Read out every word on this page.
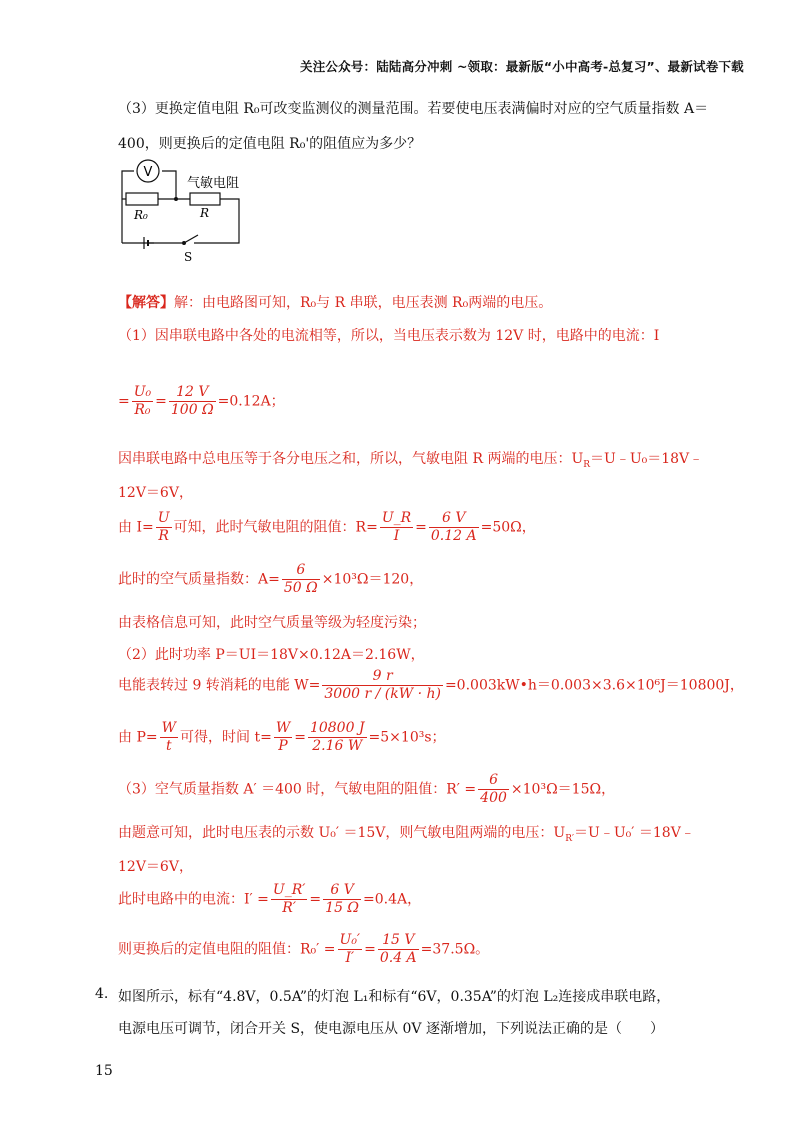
关注公众号：陆陆高分冲刺 ~领取：最新版“小中高考-总复习”、最新试卷下载
（3）更换定值电阻 R₀可改变监测仪的测量范围。若要使电压表满偏时对应的空气质量指数 A＝
400，则更换后的定值电阻 R₀'的阻值应为多少？
V
气敏电阻
R₀	R
S
【解答】解：由电路图可知，R₀与 R 串联，电压表测 R₀两端的电压。
（1）因串联电路中各处的电流相等，所以，当电压表示数为 12V 时，电路中的电流：I
= $\frac{\text{U₀}}{\text{R₀}} = \frac{12 V}{100 \Omega} =0.12A$；
因串联电路中总电压等于各分电压之和，所以，气敏电阻 R 两端的电压：$U_R=U﹣U_0=18V﹣$
12V＝6V，
由 $I= \frac{U}{R}$ 可知，此时气敏电阻的阻值：$R= \frac{U\_R}{I} = \frac{6 V}{0.12 A} =50\Omega$，
此时的空气质量指数：$A= \frac{6}{50 \Omega} \times 10^3\Omega=120$，
由表格信息可知，此时空气质量等级为轻度污染；
（2）此时功率 P＝UI＝18V×0.12A＝2.16W，
电能表转过 9 转消耗的电能 $W= \frac{9 r}{3000 r / (kW \cdot h)}$ =0.003kW•h＝0.003×3.6×10⁶J＝10800J，
由 $P= \frac{W}{t}$ 可得，时间 $t= \frac{W}{P} = \frac{10800 J}{2.16 W} =5\times 10^3s$；
（3）空气质量指数 A′ ＝400 时，气敏电阻的阻值：$R' = \frac{6}{400} \times 10^3\Omega=15\Omega$，
由题意可知，此时电压表的示数 U₀′ ＝15V，则气敏电阻两端的电压：$U_{R'}=U﹣U_0'$ ＝18V﹣
12V＝6V，
此时电路中的电流：$I' = \frac{U\_R'}{R'} = \frac{6 V}{15 \Omega} =0.4A$，
则更换后的定值电阻的阻值：$R_0' = \frac{\text{U₀′}}{I'} = \frac{15 V}{0.4 A} =37.5\Omega$。
4. 如图所示，标有“4.8V，0.5A”的灯泡 L₁和标有“6V，0.35A”的灯泡 L₂连接成串联电路，
电源电压可调节，闭合开关 S，使电源电压从 0V 逐渐增加，下列说法正确的是（　　）
15
